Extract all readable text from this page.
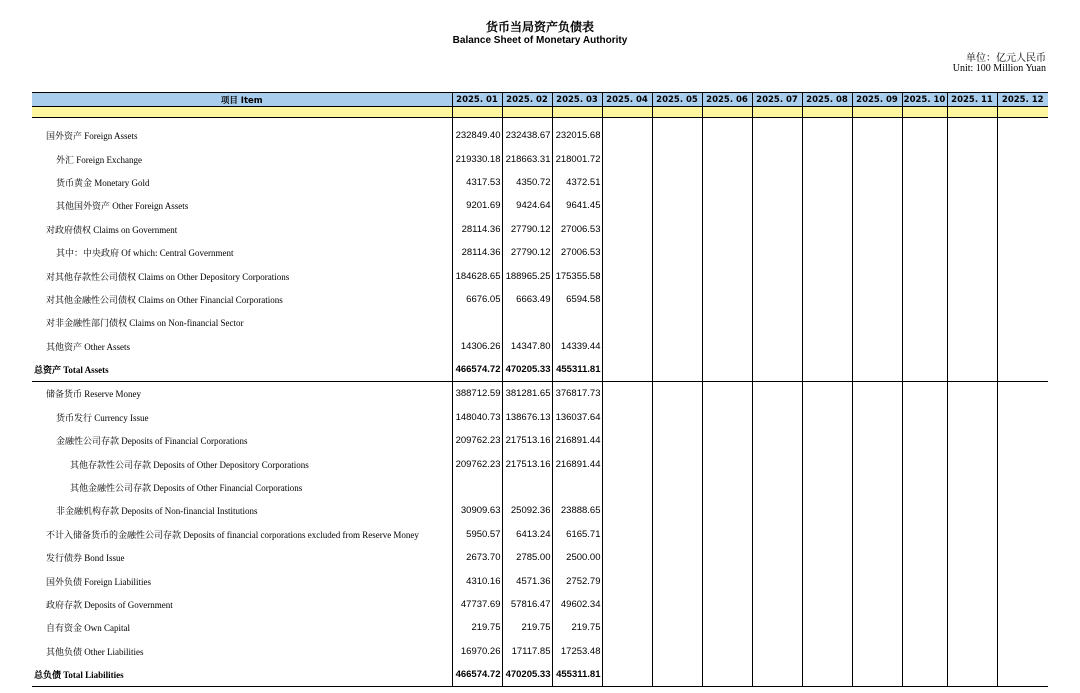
货币当局资产负债表
Balance Sheet of Monetary Authority
单位：亿元人民币
Unit: 100 Million Yuan
项目 Item	2025. 01	2025. 02	2025. 03	2025. 04	2025. 05	2025. 06	2025. 07	2025. 08	2025. 09	2025. 10	2025. 11	2025. 12

国外资产 Foreign Assets	232849.40	232438.67	232015.68									
外汇 Foreign Exchange	219330.18	218663.31	218001.72									
货币黄金 Monetary Gold	4317.53	4350.72	4372.51									
其他国外资产 Other Foreign Assets	9201.69	9424.64	9641.45									
对政府债权 Claims on Government	28114.36	27790.12	27006.53									
其中：中央政府 Of which: Central Government	28114.36	27790.12	27006.53									
对其他存款性公司债权 Claims on Other Depository Corporations	184628.65	188965.25	175355.58									
对其他金融性公司债权 Claims on Other Financial Corporations	6676.05	6663.49	6594.58									
对非金融性部门债权 Claims on Non-financial Sector												
其他资产 Other Assets	14306.26	14347.80	14339.44									
总资产 Total Assets	466574.72	470205.33	455311.81									
储备货币 Reserve Money	388712.59	381281.65	376817.73									
货币发行 Currency Issue	148040.73	138676.13	136037.64									
金融性公司存款 Deposits of Financial Corporations	209762.23	217513.16	216891.44									
其他存款性公司存款 Deposits of Other Depository Corporations	209762.23	217513.16	216891.44									
其他金融性公司存款 Deposits of Other Financial Corporations												
非金融机构存款 Deposits of Non-financial Institutions	30909.63	25092.36	23888.65									
不计入储备货币的金融性公司存款 Deposits of financial corporations excluded from Reserve Money	5950.57	6413.24	6165.71									
发行债券 Bond Issue	2673.70	2785.00	2500.00									
国外负债 Foreign Liabilities	4310.16	4571.36	2752.79									
政府存款 Deposits of Government	47737.69	57816.47	49602.34									
自有资金 Own Capital	219.75	219.75	219.75									
其他负债 Other Liabilities	16970.26	17117.85	17253.48									
总负债 Total Liabilities	466574.72	470205.33	455311.81									
